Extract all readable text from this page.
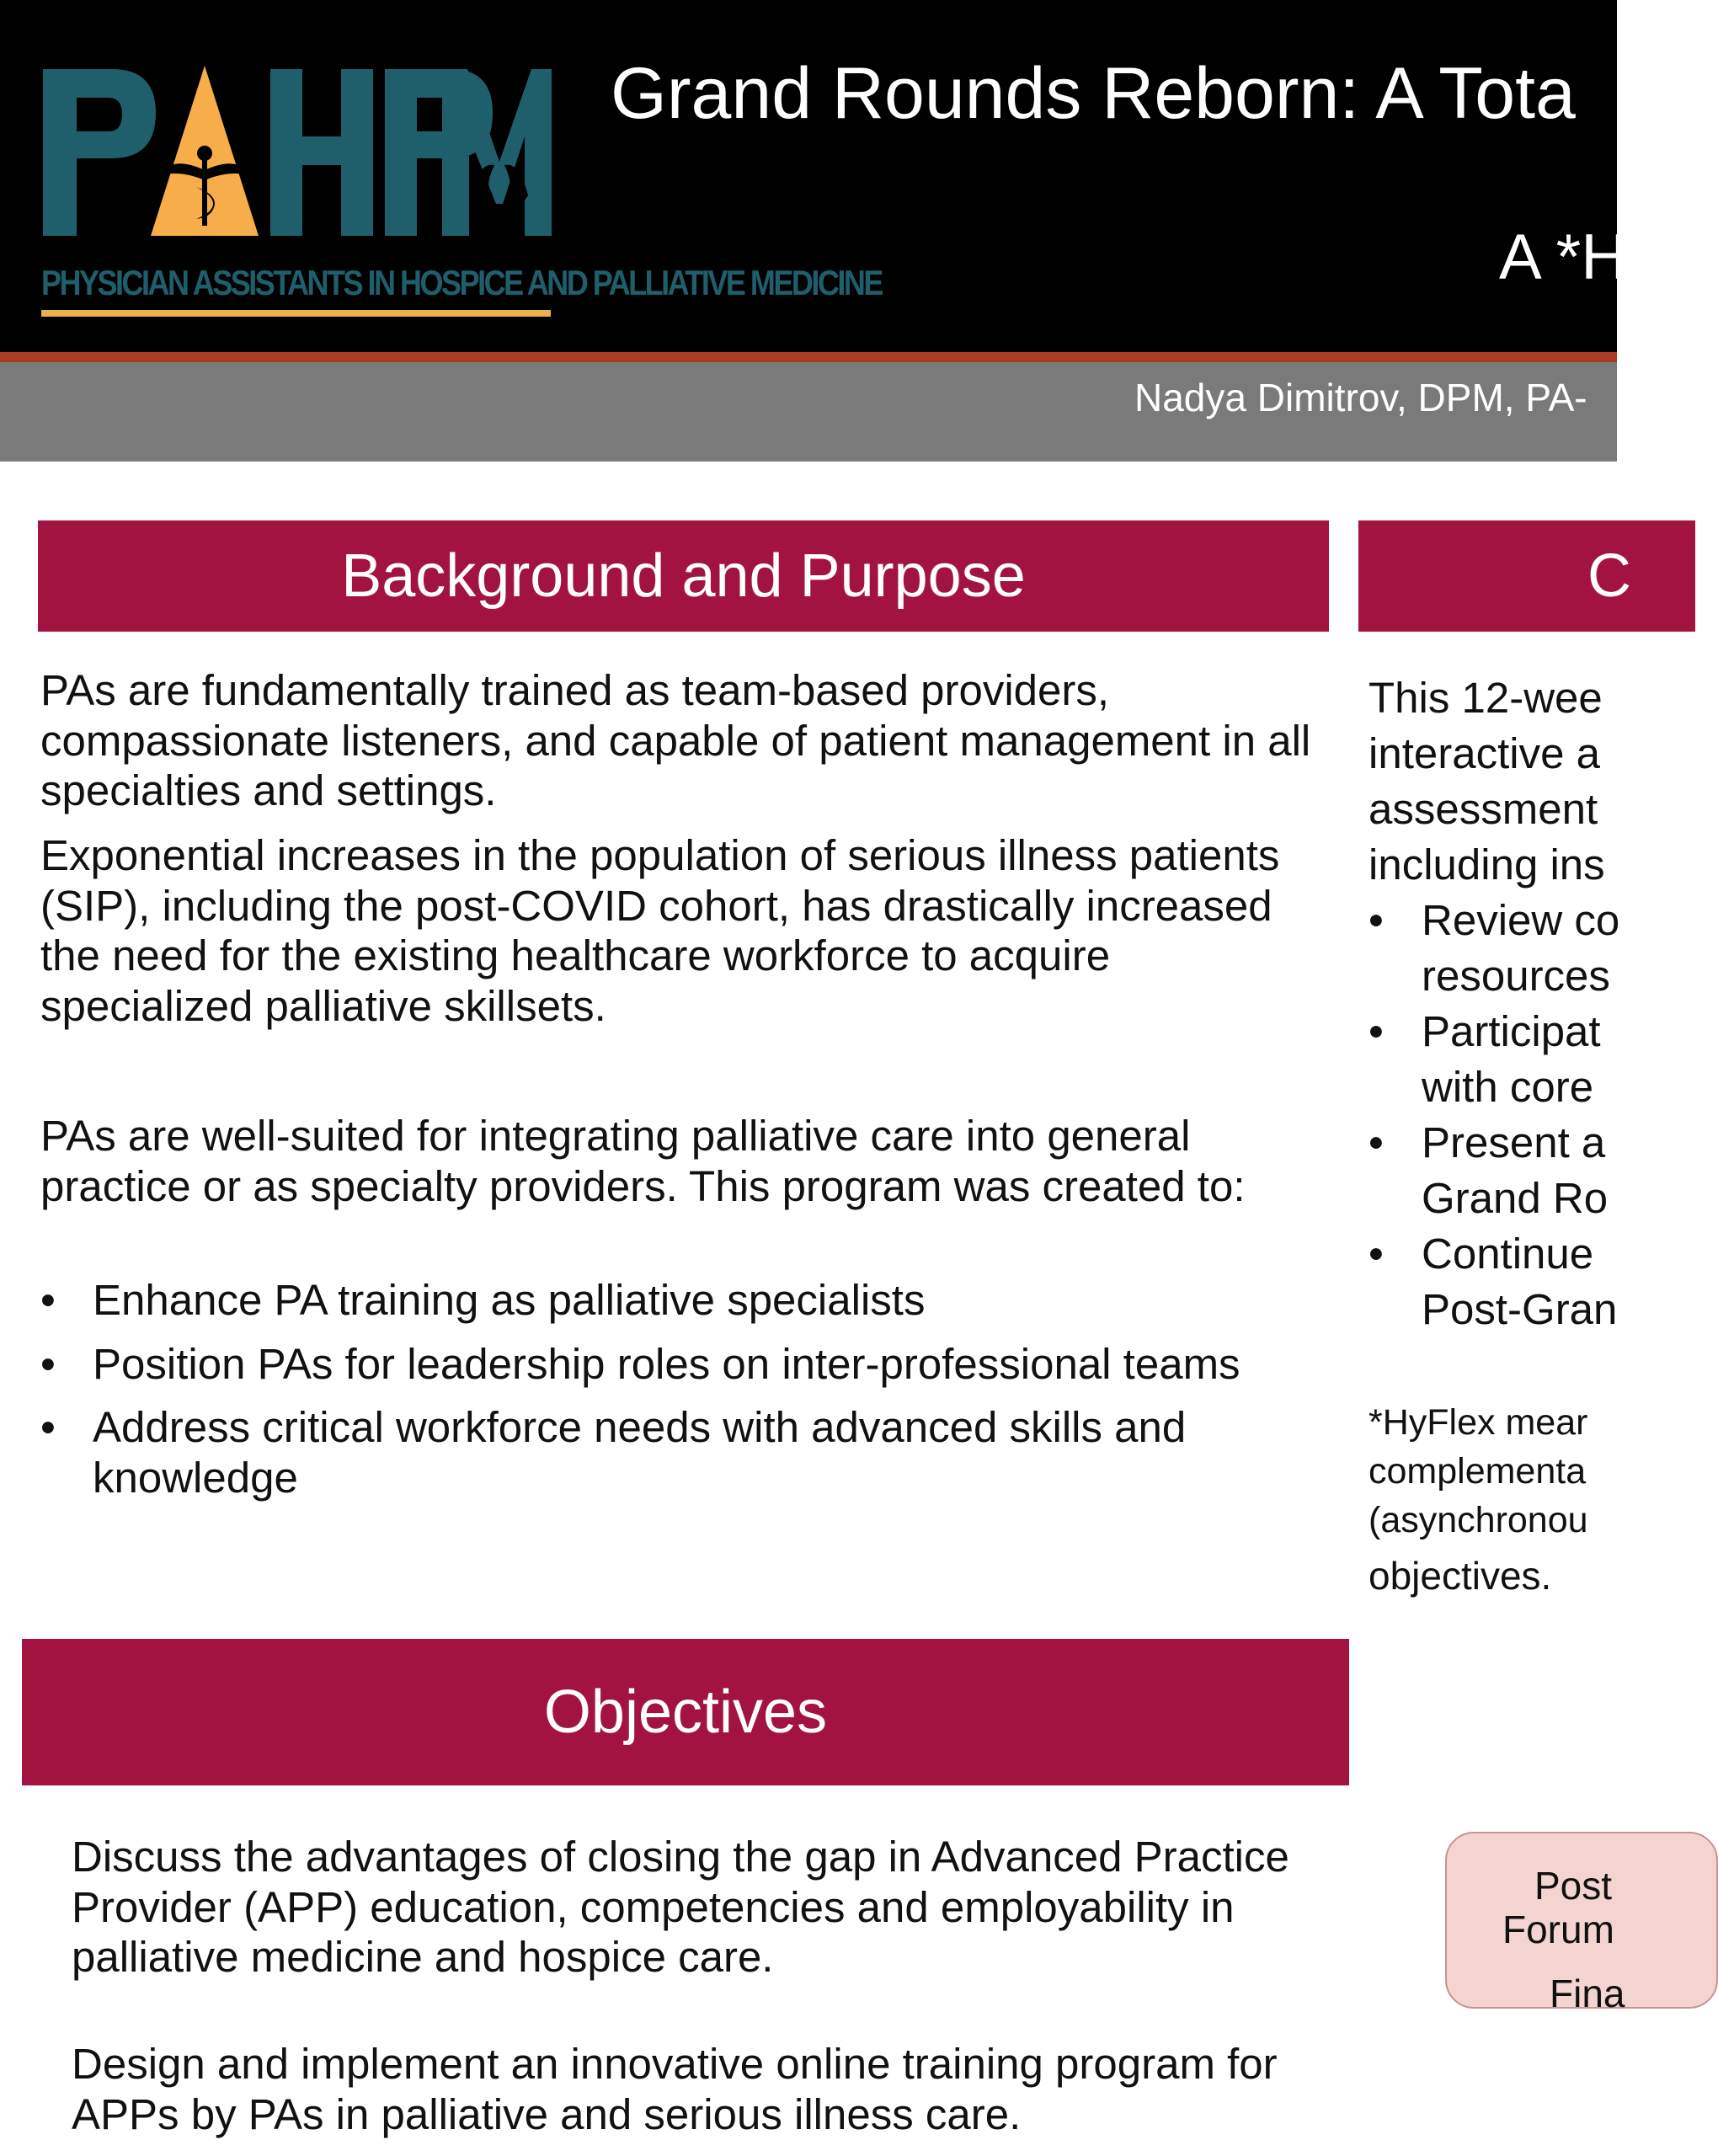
PHYSICIAN ASSISTANTS IN HOSPICE AND PALLIATIVE MEDICINE
Grand Rounds Reborn: A Tota
A *H
Nadya Dimitrov, DPM, PA-
Background and Purpose

PAs are fundamentally trained as team-based providers, compassionate listeners, and capable of patient management in all specialties and settings.

Exponential increases in the population of serious illness patients (SIP), including the post-COVID cohort, has drastically increased the need for the existing healthcare workforce to acquire specialized palliative skillsets.

PAs are well-suited for integrating palliative care into general practice or as specialty providers. This program was created to:

• Enhance PA training as palliative specialists
• Position PAs for leadership roles on inter-professional teams
• Address critical workforce needs with advanced skills and knowledge
Objectives

Discuss the advantages of closing the gap in Advanced Practice Provider (APP) education, competencies and employability in palliative medicine and hospice care.

Design and implement an innovative online training program for APPs by PAs in palliative and serious illness care.

C

This 12-wee

interactive a

assessment

including ins

• Review co
resources
• Participat
with core
• Present a
Grand Ro
• Continue
Post-Gran

*HyFlex mear

complementa

(asynchronou

objectives.

Post
Forum
Fina
